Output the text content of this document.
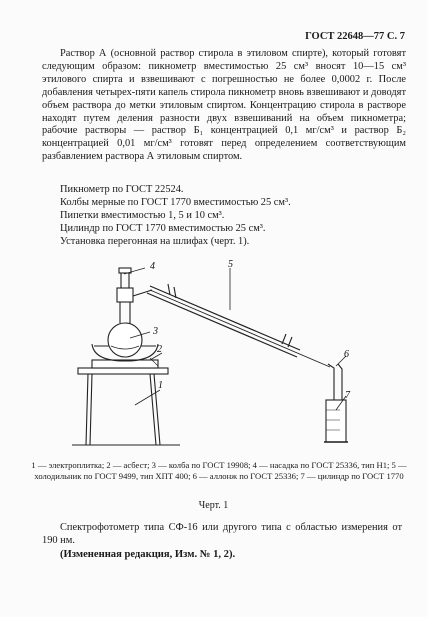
ГОСТ 22648—77 С. 7
Раствор А (основной раствор стирола в этиловом спирте), который готовят следующим образом: пикнометр вместимостью 25 см³ вносят 10—15 см³ этилового спирта и взвешивают с погрешностью не более 0,0002 г. После добавления четырех-пяти капель стирола пикнометр вновь взвешивают и доводят объем раствора до метки этиловым спиртом. Концентрацию стирола в растворе находят путем деления разности двух взвешиваний на объем пикнометра; рабочие растворы — раствор Б₁ концентрацией 0,1 мг/см³ и раствор Б₂ концентрацией 0,01 мг/см³ готовят перед определением соответствующим разбавлением раствора А этиловым спиртом.
Пикнометр по ГОСТ 22524.
Колбы мерные по ГОСТ 1770 вместимостью 25 см³.
Пипетки вместимостью 1, 5 и 10 см³.
Цилиндр по ГОСТ 1770 вместимостью 25 см³.
Установка перегонная на шлифах (черт. 1).
4	5
3
2
1
6
7
1 — электроплитка; 2 — асбест; 3 — колба по ГОСТ 19908; 4 — насадка по ГОСТ 25336, тип Н1; 5 — холодильник по ГОСТ 9499, тип ХПТ 400; 6 — аллонж по ГОСТ 25336; 7 — цилиндр по ГОСТ 1770
Черт. 1
Спектрофотометр типа СФ-16 или другого типа с областью измерения от 190 нм.
(Измененная редакция, Изм. № 1, 2).
